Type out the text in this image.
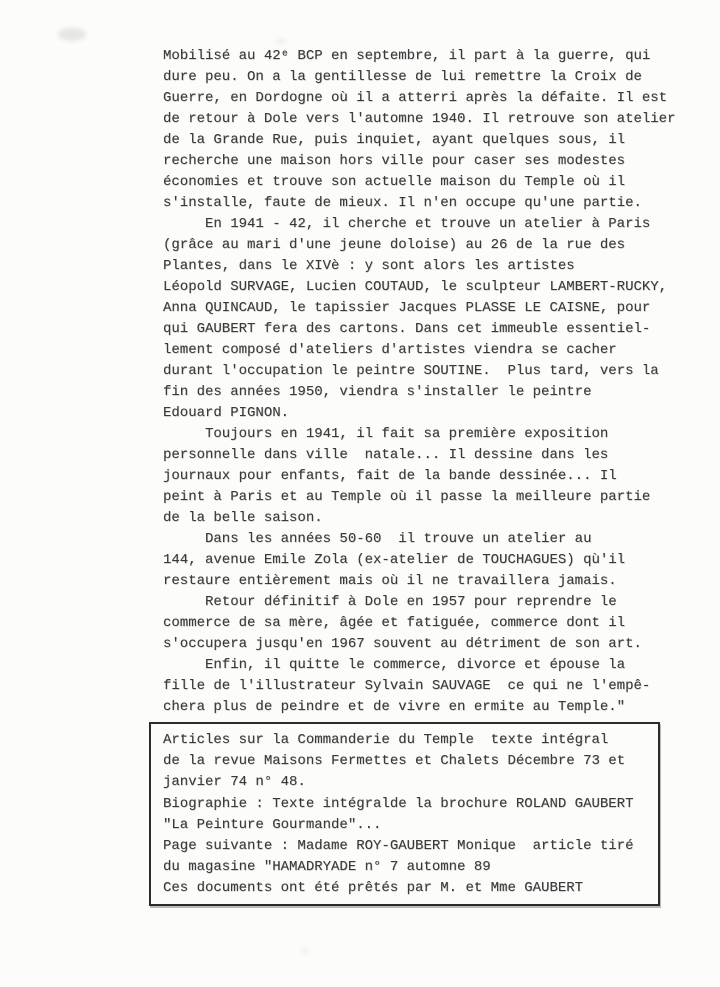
Mobilisé au 42ᵉ BCP en septembre, il part à la guerre, qui
dure peu. On a la gentillesse de lui remettre la Croix de
Guerre, en Dordogne où il a atterri après la défaite. Il est
de retour à Dole vers l'automne 1940. Il retrouve son atelier
de la Grande Rue, puis inquiet, ayant quelques sous, il
recherche une maison hors ville pour caser ses modestes
économies et trouve son actuelle maison du Temple où il
s'installe, faute de mieux. Il n'en occupe qu'une partie.
En 1941 - 42, il cherche et trouve un atelier à Paris
(grâce au mari d'une jeune doloise) au 26 de la rue des
Plantes, dans le XIVè : y sont alors les artistes
Léopold SURVAGE, Lucien COUTAUD, le sculpteur LAMBERT-RUCKY,
Anna QUINCAUD, le tapissier Jacques PLASSE LE CAISNE, pour
qui GAUBERT fera des cartons. Dans cet immeuble essentiel-
lement composé d'ateliers d'artistes viendra se cacher
durant l'occupation le peintre SOUTINE.  Plus tard, vers la
fin des années 1950, viendra s'installer le peintre
Edouard PIGNON.
Toujours en 1941, il fait sa première exposition
personnelle dans ville  natale... Il dessine dans les
journaux pour enfants, fait de la bande dessinée... Il
peint à Paris et au Temple où il passe la meilleure partie
de la belle saison.
Dans les années 50-60  il trouve un atelier au
144, avenue Emile Zola (ex-atelier de TOUCHAGUES) qù'il
restaure entièrement mais où il ne travaillera jamais.
Retour définitif à Dole en 1957 pour reprendre le
commerce de sa mère, âgée et fatiguée, commerce dont il
s'occupera jusqu'en 1967 souvent au détriment de son art.
Enfin, il quitte le commerce, divorce et épouse la
fille de l'illustrateur Sylvain SAUVAGE  ce qui ne l'empê-
chera plus de peindre et de vivre en ermite au Temple."
Articles sur la Commanderie du Temple  texte intégral
de la revue Maisons Fermettes et Chalets Décembre 73 et
janvier 74 n° 48.
Biographie : Texte intégralde la brochure ROLAND GAUBERT
"La Peinture Gourmande"...
Page suivante : Madame ROY-GAUBERT Monique  article tiré
du magasine "HAMADRYADE n° 7 automne 89
Ces documents ont été prêtés par M. et Mme GAUBERT
